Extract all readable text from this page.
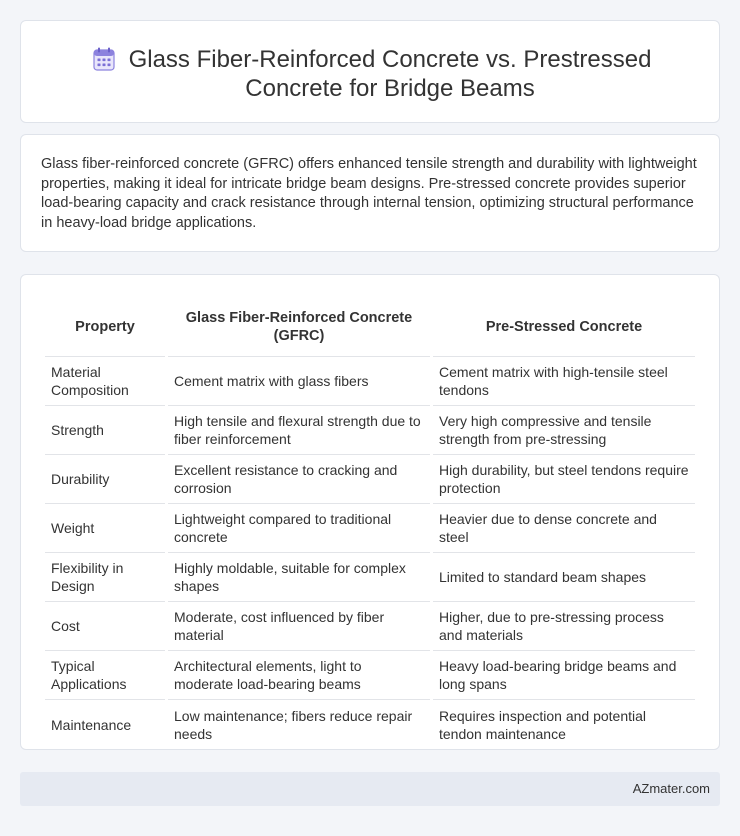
Glass Fiber-Reinforced Concrete vs. Prestressed Concrete for Bridge Beams

Glass fiber-reinforced concrete (GFRC) offers enhanced tensile strength and durability with lightweight properties, making it ideal for intricate bridge beam designs. Pre-stressed concrete provides superior load-bearing capacity and crack resistance through internal tension, optimizing structural performance in heavy-load bridge applications.

Property	Glass Fiber-Reinforced Concrete (GFRC)	Pre-Stressed Concrete
Material Composition	Cement matrix with glass fibers	Cement matrix with high-tensile steel tendons
Strength	High tensile and flexural strength due to fiber reinforcement	Very high compressive and tensile strength from pre-stressing
Durability	Excellent resistance to cracking and corrosion	High durability, but steel tendons require protection
Weight	Lightweight compared to traditional concrete	Heavier due to dense concrete and steel
Flexibility in Design	Highly moldable, suitable for complex shapes	Limited to standard beam shapes
Cost	Moderate, cost influenced by fiber material	Higher, due to pre-stressing process and materials
Typical Applications	Architectural elements, light to moderate load-bearing beams	Heavy load-bearing bridge beams and long spans
Maintenance	Low maintenance; fibers reduce repair needs	Requires inspection and potential tendon maintenance
AZmater.com
